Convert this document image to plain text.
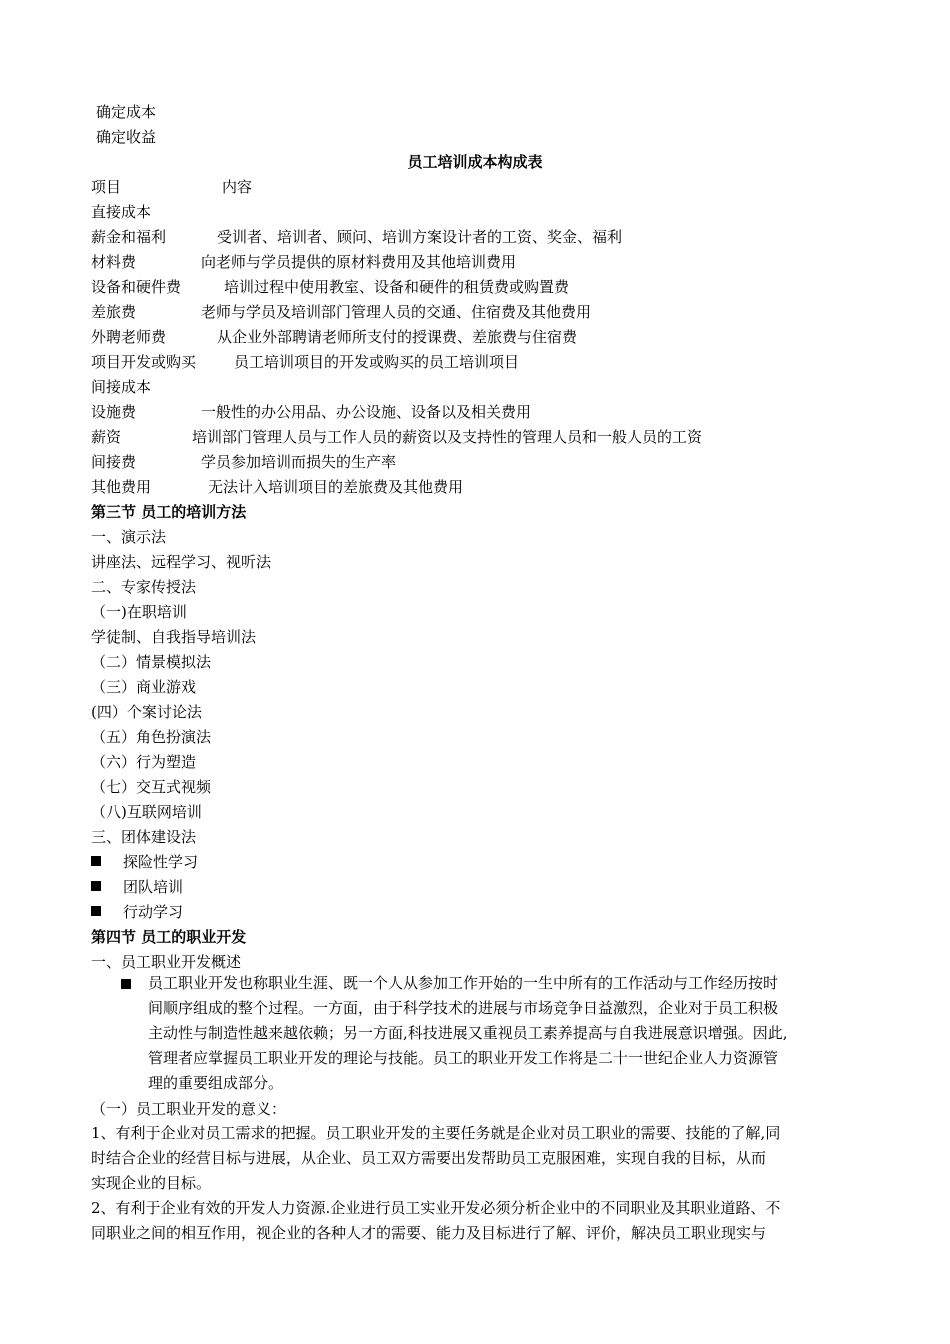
确定成本
确定收益
员工培训成本构成表
项目	内容
直接成本
薪金和福利	受训者、培训者、顾问、培训方案设计者的工资、奖金、福利
材料费	向老师与学员提供的原材料费用及其他培训费用
设备和硬件费	培训过程中使用教室、设备和硬件的租赁费或购置费
差旅费	老师与学员及培训部门管理人员的交通、住宿费及其他费用
外聘老师费	从企业外部聘请老师所支付的授课费、差旅费与住宿费
项目开发或购买	员工培训项目的开发或购买的员工培训项目
间接成本
设施费	一般性的办公用品、办公设施、设备以及相关费用
薪资	培训部门管理人员与工作人员的薪资以及支持性的管理人员和一般人员的工资
间接费	学员参加培训而损失的生产率
其他费用	无法计入培训项目的差旅费及其他费用
第三节 员工的培训方法
一、演示法
讲座法、远程学习、视听法
二、专家传授法
（一)在职培训
学徒制、自我指导培训法
（二）情景模拟法
（三）商业游戏
(四）个案讨论法
（五）角色扮演法
（六）行为塑造
（七）交互式视频
（八)互联网培训
三、团体建设法
探险性学习
团队培训
行动学习
第四节 员工的职业开发
一、员工职业开发概述
员工职业开发也称职业生涯、既一个人从参加工作开始的一生中所有的工作活动与工作经历按时
间顺序组成的整个过程。一方面，由于科学技术的进展与市场竞争日益激烈，企业对于员工积极
主动性与制造性越来越依赖；另一方面,科技进展又重视员工素养提高与自我进展意识增强。因此,
管理者应掌握员工职业开发的理论与技能。员工的职业开发工作将是二十一世纪企业人力资源管
理的重要组成部分。
（一）员工职业开发的意义：
1、有利于企业对员工需求的把握。员工职业开发的主要任务就是企业对员工职业的需要、技能的了解,同
时结合企业的经营目标与进展，从企业、员工双方需要出发帮助员工克服困难，实现自我的目标，从而
实现企业的目标。
2、有利于企业有效的开发人力资源.企业进行员工实业开发必须分析企业中的不同职业及其职业道路、不
同职业之间的相互作用，视企业的各种人才的需要、能力及目标进行了解、评价，解决员工职业现实与
